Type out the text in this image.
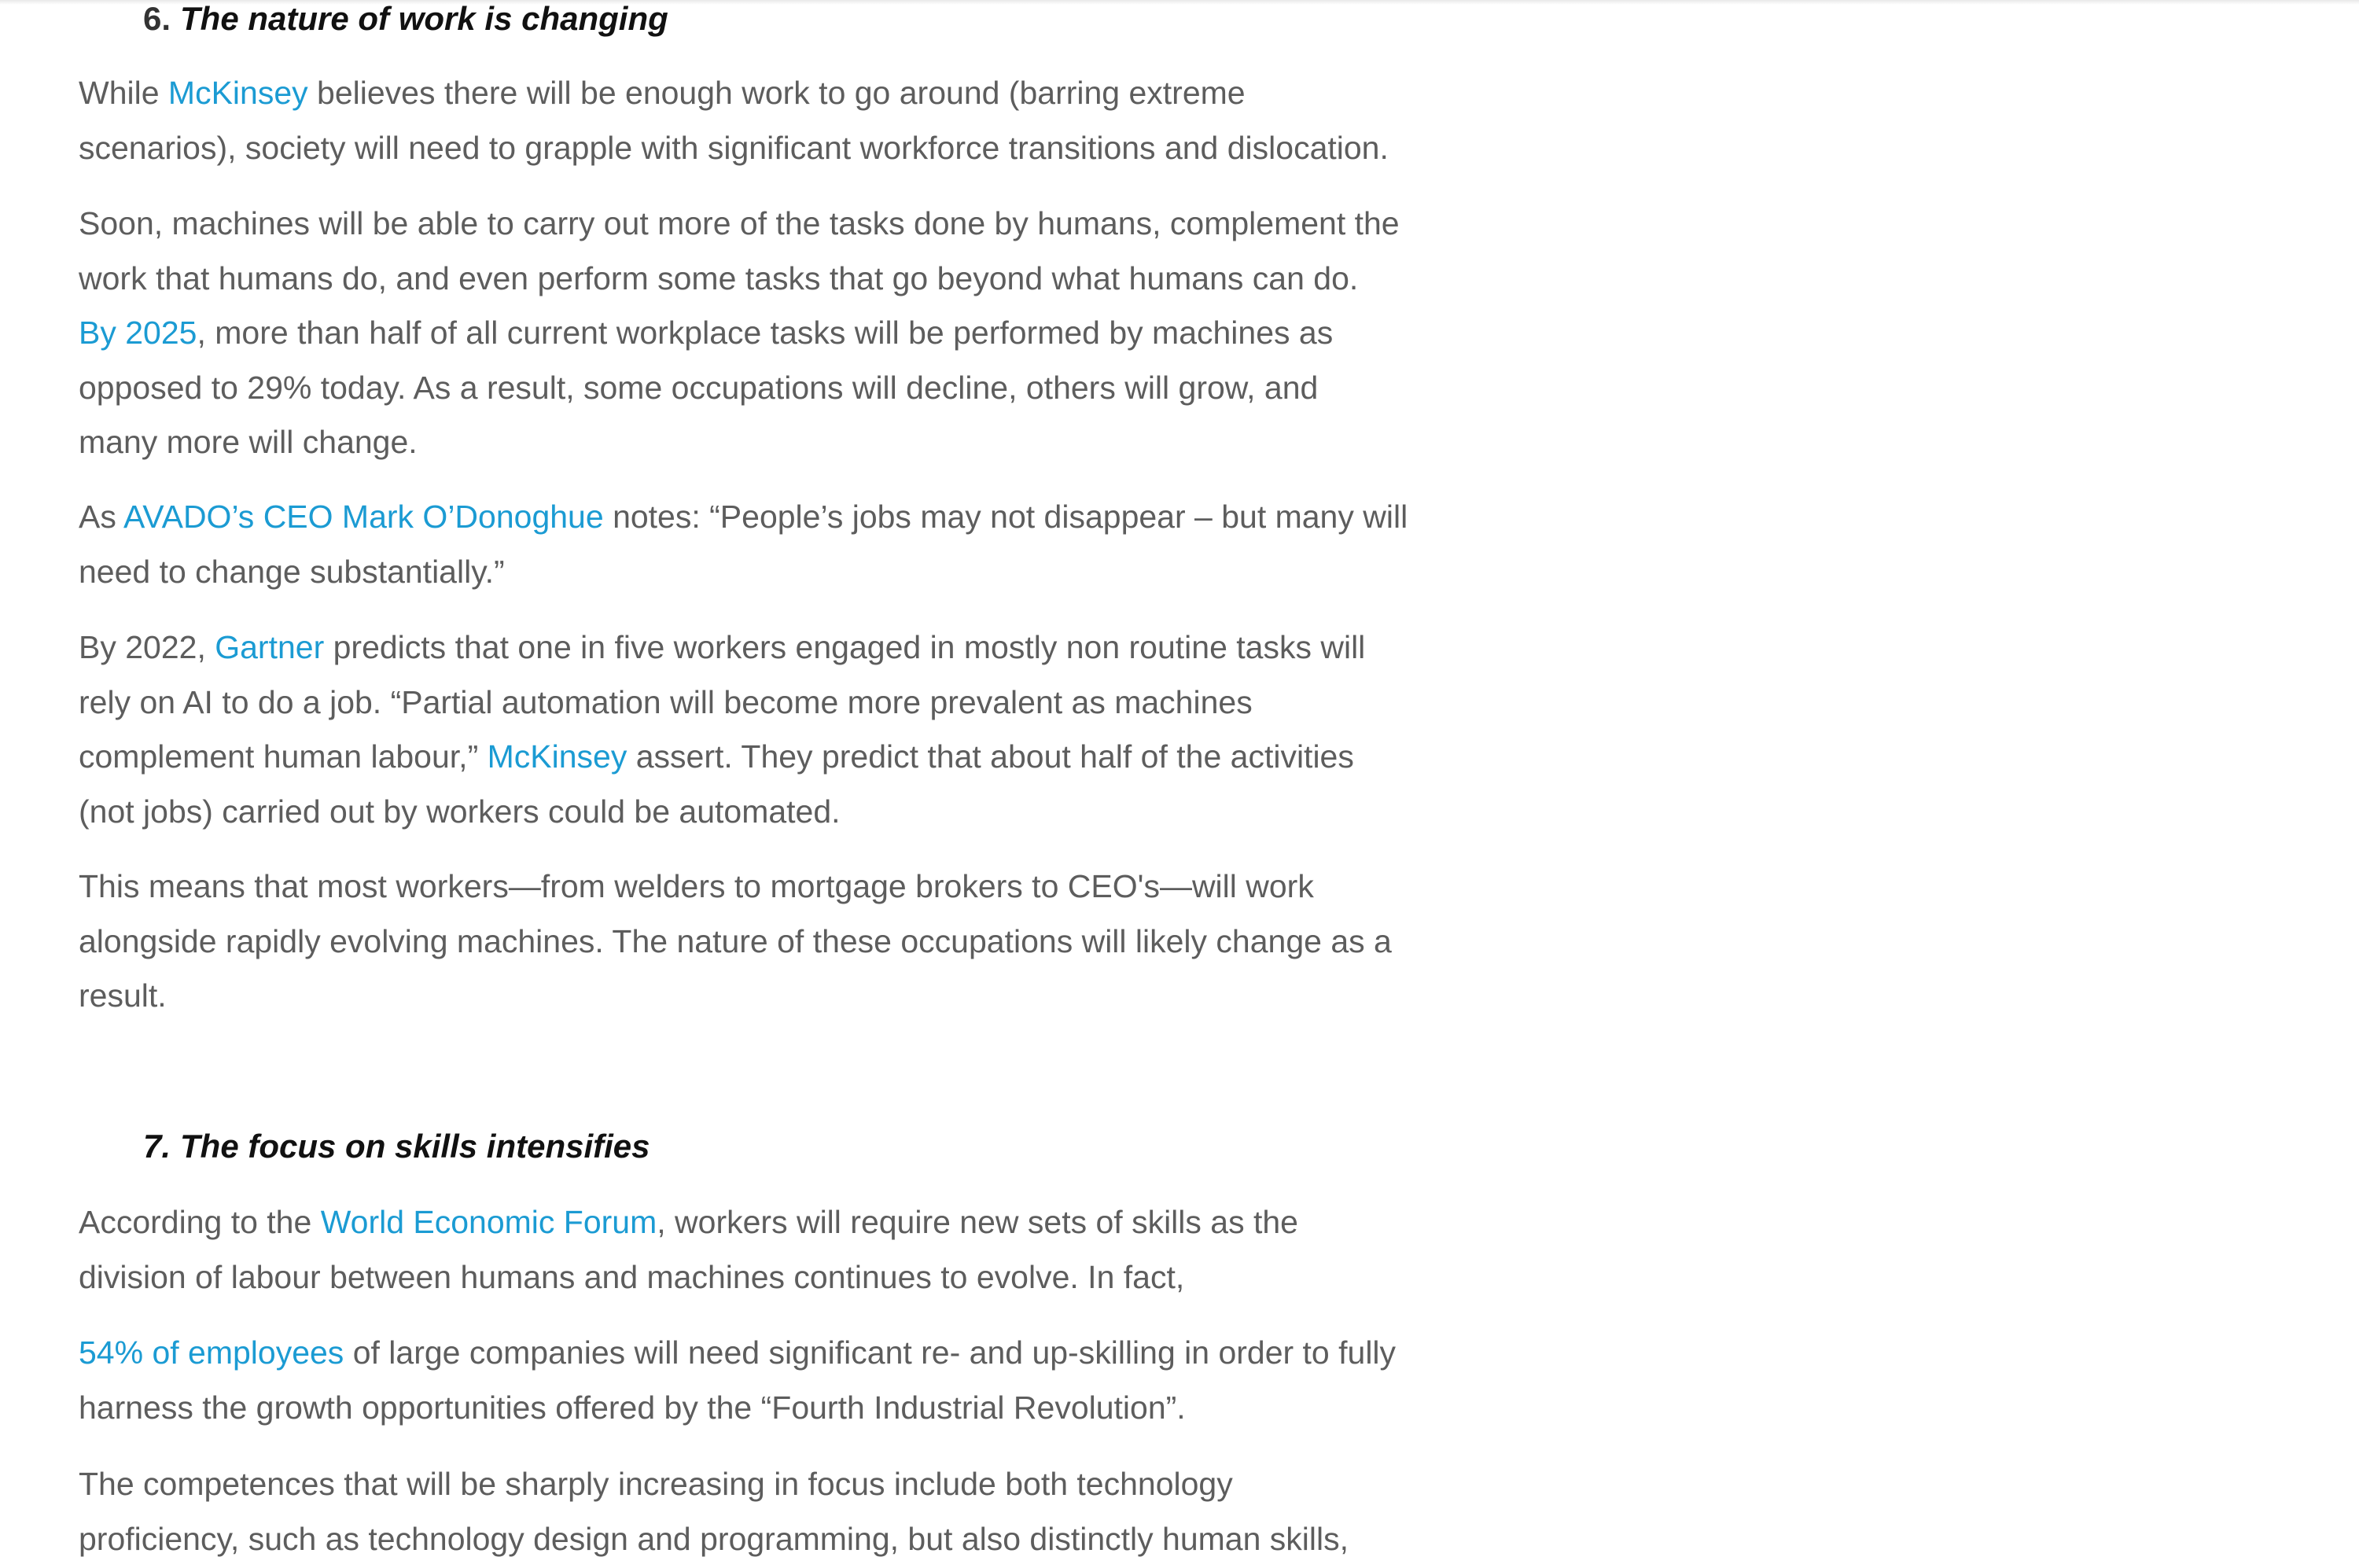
6. The nature of work is changing

While McKinsey believes there will be enough work to go around (barring extreme
scenarios), society will need to grapple with significant workforce transitions and dislocation.

Soon, machines will be able to carry out more of the tasks done by humans, complement the
work that humans do, and even perform some tasks that go beyond what humans can do.
By 2025, more than half of all current workplace tasks will be performed by machines as
opposed to 29% today. As a result, some occupations will decline, others will grow, and
many more will change.

As AVADO’s CEO Mark O’Donoghue notes: “People’s jobs may not disappear – but many will
need to change substantially.”

By 2022, Gartner predicts that one in five workers engaged in mostly non routine tasks will
rely on AI to do a job. “Partial automation will become more prevalent as machines
complement human labour,” McKinsey assert. They predict that about half of the activities
(not jobs) carried out by workers could be automated.

This means that most workers—from welders to mortgage brokers to CEO's—will work
alongside rapidly evolving machines. The nature of these occupations will likely change as a
result.

7. The focus on skills intensifies

According to the World Economic Forum, workers will require new sets of skills as the
division of labour between humans and machines continues to evolve. In fact,

54% of employees of large companies will need significant re- and up-skilling in order to fully
harness the growth opportunities offered by the “Fourth Industrial Revolution”.

The competences that will be sharply increasing in focus include both technology
proficiency, such as technology design and programming, but also distinctly human skills,
